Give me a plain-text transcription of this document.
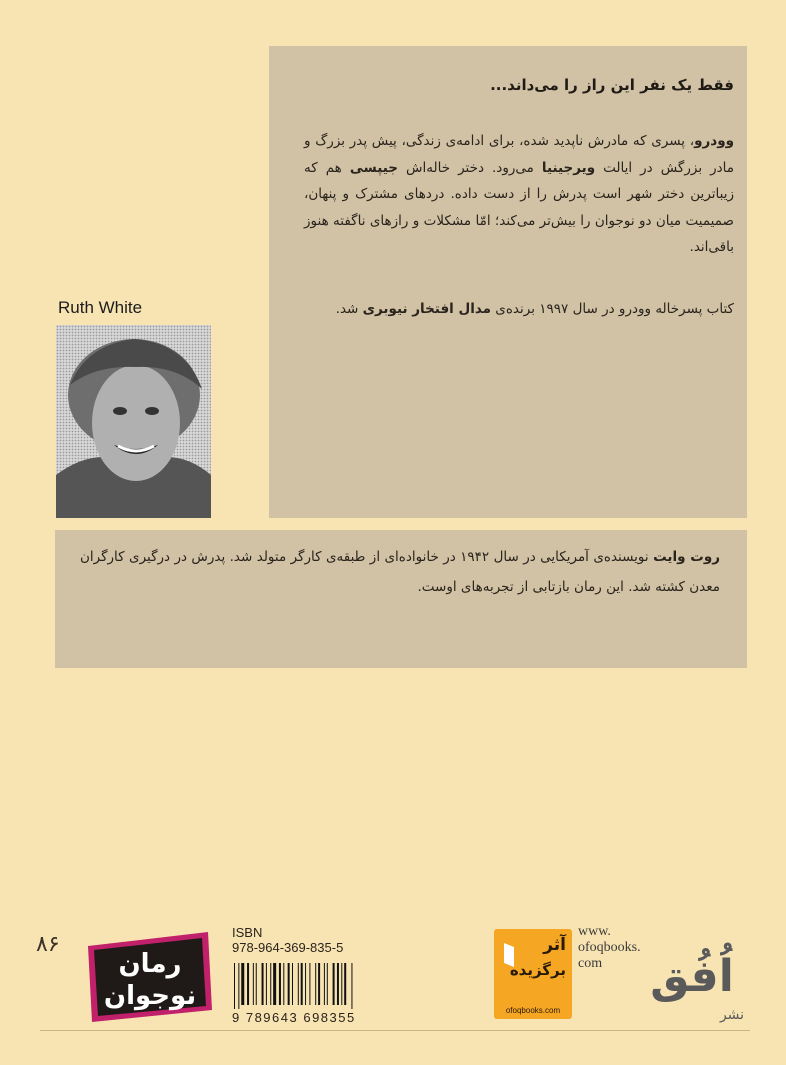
فقط یک نفر این راز را می‌داند...
وودرو، پسری که مادرش ناپدید شده، برای ادامه‌ی زندگی، پیش پدر بزرگ و مادر بزرگش در ایالت ویرجینیا می‌رود. دختر خاله‌اش جیپسی هم که زیباترین دختر شهر است پدرش را از دست داده. دردهای مشترک و پنهان، صمیمیت میان دو نوجوان را بیش‌تر می‌کند؛ امّا مشکلات و رازهای ناگفته هنوز باقی‌اند.
کتاب پسرخاله وودرو در سال ۱۹۹۷ برنده‌ی مدال افتخار نیوبری شد.
Ruth White
روت وایت نویسنده‌ی آمریکایی در سال ۱۹۴۲ در خانواده‌ای از طبقه‌ی کارگر متولد شد. پدرش در درگیری کارگران معدن کشته شد. این رمان بازتابی از تجربه‌های اوست.
۸۶
رمان
نوجوان
ISBN
978-964-369-835-5
9 789643 698355
آثر
برگزیده
ofoqbooks.com
www.
ofoqbooks.
com	اُفُق
نشر
